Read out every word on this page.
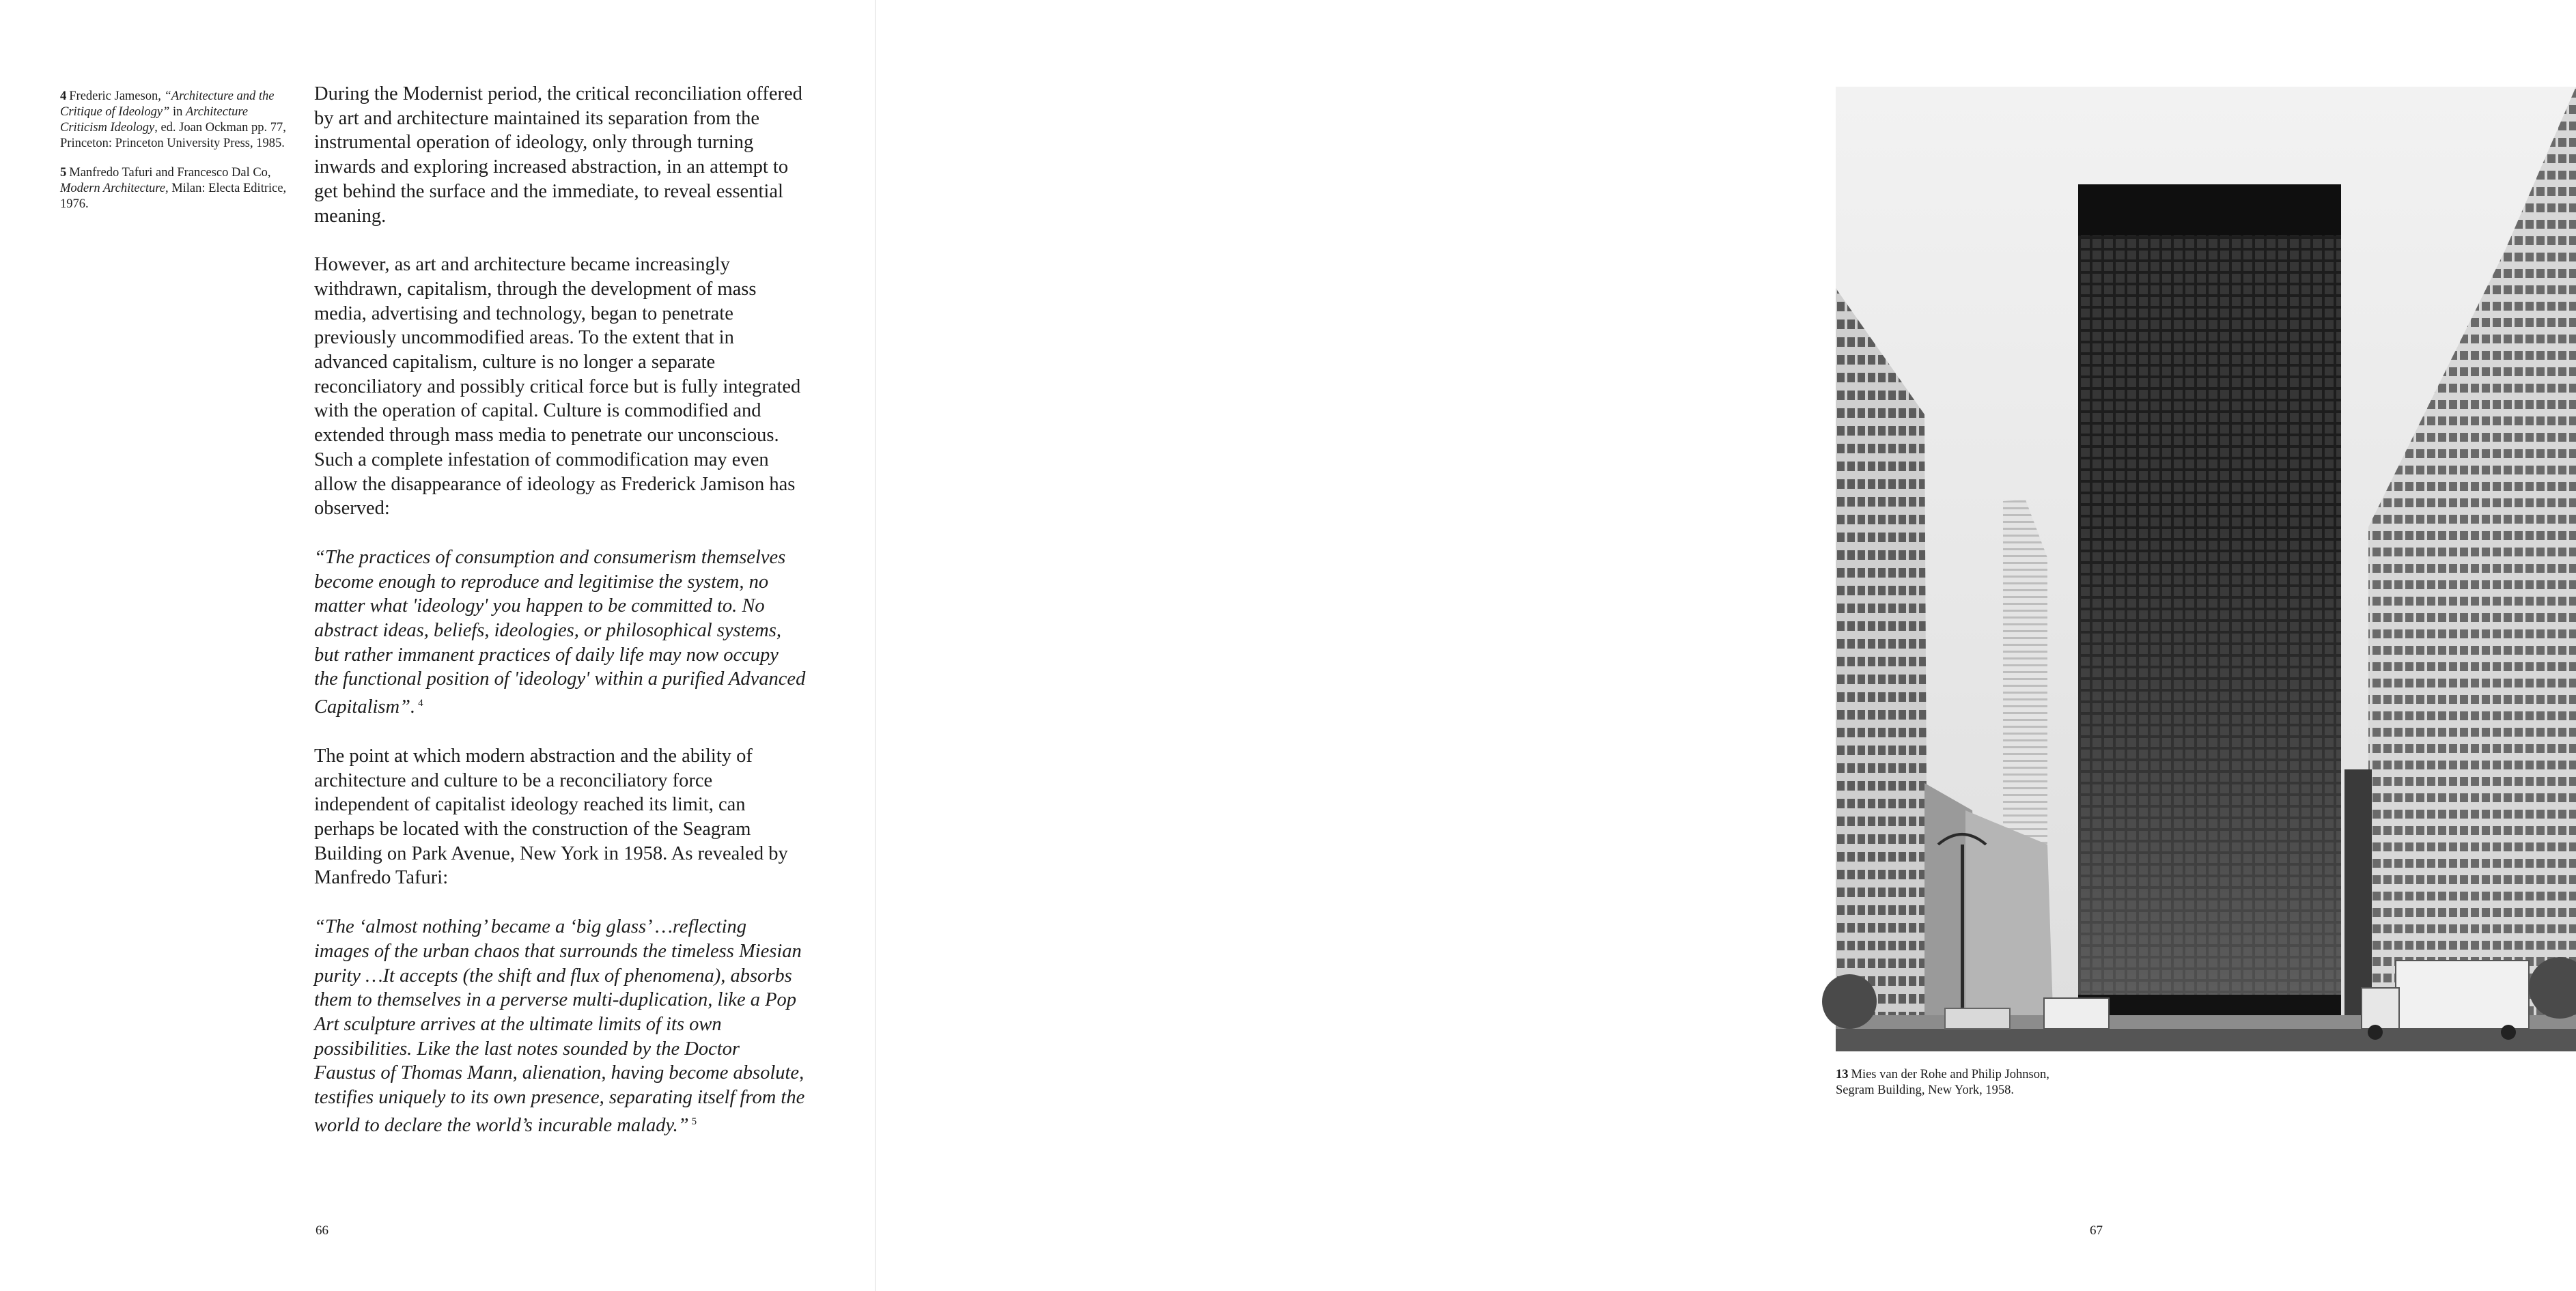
4 Frederic Jameson, “Architecture and the Critique of Ideology” in Architecture Criticism Ideology, ed. Joan Ockman pp. 77, Princeton: Princeton University Press, 1985.
5 Manfredo Tafuri and Francesco Dal Co, Modern Architecture, Milan: Electa Editrice, 1976.

During the Modernist period, the critical reconciliation offered by art and architecture maintained its separation from the instrumental operation of ideology, only through turning inwards and exploring increased abstraction, in an attempt to get behind the surface and the immediate, to reveal essential meaning.

However, as art and architecture became increasingly withdrawn, capitalism, through the development of mass media, advertising and technology, began to penetrate previously uncommodified areas. To the extent that in advanced capitalism, culture is no longer a separate reconciliatory and possibly critical force but is fully integrated with the operation of capital. Culture is commodified and extended through mass media to penetrate our unconscious. Such a complete infestation of commodification may even allow the disappearance of ideology as Frederick Jamison has observed:

“The practices of consumption and consumerism themselves become enough to reproduce and legitimise the system, no matter what 'ideology' you happen to be committed to. No abstract ideas, beliefs, ideologies, or philosophical systems, but rather immanent practices of daily life may now occupy the functional position of 'ideology' within a purified Advanced Capitalism”. $^4$

The point at which modern abstraction and the ability of architecture and culture to be a reconciliatory force independent of capitalist ideology reached its limit, can perhaps be located with the construction of the Seagram Building on Park Avenue, New York in 1958. As revealed by Manfredo Tafuri:

“The ‘almost nothing’ became a ‘big glass’ …reflecting images of the urban chaos that surrounds the timeless Miesian purity …It accepts (the shift and flux of phenomena), absorbs them to themselves in a perverse multi-duplication, like a Pop Art sculpture arrives at the ultimate limits of its own possibilities. Like the last notes sounded by the Doctor Faustus of Thomas Mann, alienation, having become absolute, testifies uniquely to its own presence, separating itself from the world to declare the world’s incurable malady.” $^5$

66
13 Mies van der Rohe and Philip Johnson, Segram Building, New York, 1958.
67
